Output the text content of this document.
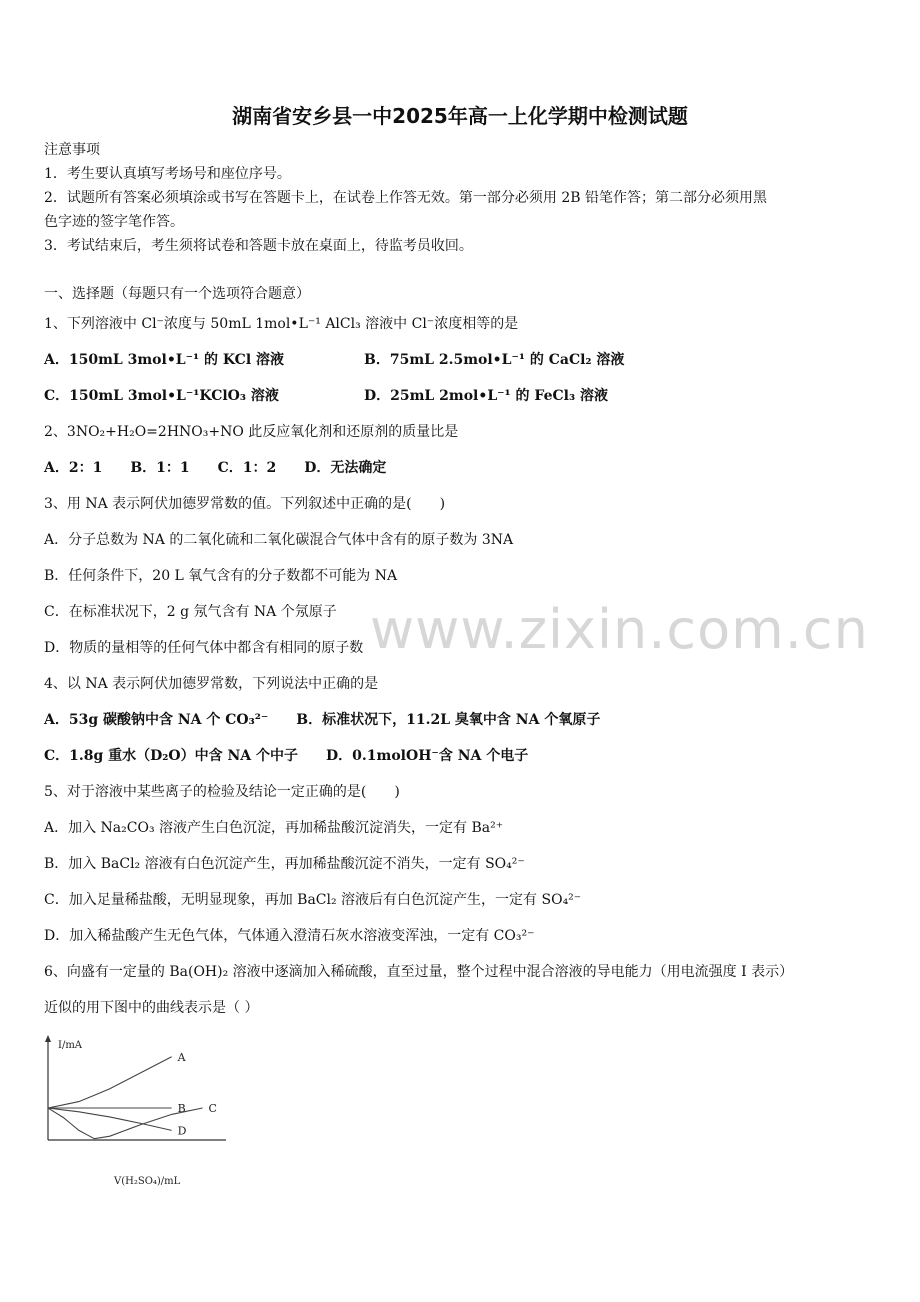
湖南省安乡县一中2025年高一上化学期中检测试题
注意事项
1．考生要认真填写考场号和座位序号。
2．试题所有答案必须填涂或书写在答题卡上，在试卷上作答无效。第一部分必须用 2B 铅笔作答；第二部分必须用黑
色字迹的签字笔作答。
3．考试结束后，考生须将试卷和答题卡放在桌面上，待监考员收回。
一、选择题（每题只有一个选项符合题意）
1、下列溶液中 Cl⁻浓度与 50mL 1mol•L⁻¹ AlCl₃ 溶液中 Cl⁻浓度相等的是
A．150mL 3mol•L⁻¹ 的 KCl 溶液	B．75mL 2.5mol•L⁻¹ 的 CaCl₂ 溶液
C．150mL 3mol•L⁻¹KClO₃ 溶液	D．25mL 2mol•L⁻¹ 的 FeCl₃ 溶液
2、3NO₂+H₂O=2HNO₃+NO 此反应氧化剂和还原剂的质量比是
A．2：1　　B．1：1　　C．1：2　　D．无法确定
3、用 NA 表示阿伏加德罗常数的值。下列叙述中正确的是(　　)
A．分子总数为 NA 的二氧化硫和二氧化碳混合气体中含有的原子数为 3NA
B．任何条件下，20 L 氧气含有的分子数都不可能为 NA
C．在标准状况下，2 g 氖气含有 NA 个氖原子
D．物质的量相等的任何气体中都含有相同的原子数
4、以 NA 表示阿伏加德罗常数，下列说法中正确的是
A．53g 碳酸钠中含 NA 个 CO₃²⁻　　B．标准状况下，11.2L 臭氧中含 NA 个氧原子
C．1.8g 重水（D₂O）中含 NA 个中子　　D．0.1molOH⁻含 NA 个电子
5、对于溶液中某些离子的检验及结论一定正确的是(　　)
A．加入 Na₂CO₃ 溶液产生白色沉淀，再加稀盐酸沉淀消失，一定有 Ba²⁺
B．加入 BaCl₂ 溶液有白色沉淀产生，再加稀盐酸沉淀不消失，一定有 SO₄²⁻
C．加入足量稀盐酸，无明显现象，再加 BaCl₂ 溶液后有白色沉淀产生，一定有 SO₄²⁻
D．加入稀盐酸产生无色气体，气体通入澄清石灰水溶液变浑浊，一定有 CO₃²⁻
6、向盛有一定量的 Ba(OH)₂ 溶液中逐滴加入稀硫酸，直至过量，整个过程中混合溶液的导电能力（用电流强度 I 表示）
近似的用下图中的曲线表示是（ ）
www.zixin.com.cn
A
B C
D
I/mA
V(H₂SO₄)/mL
